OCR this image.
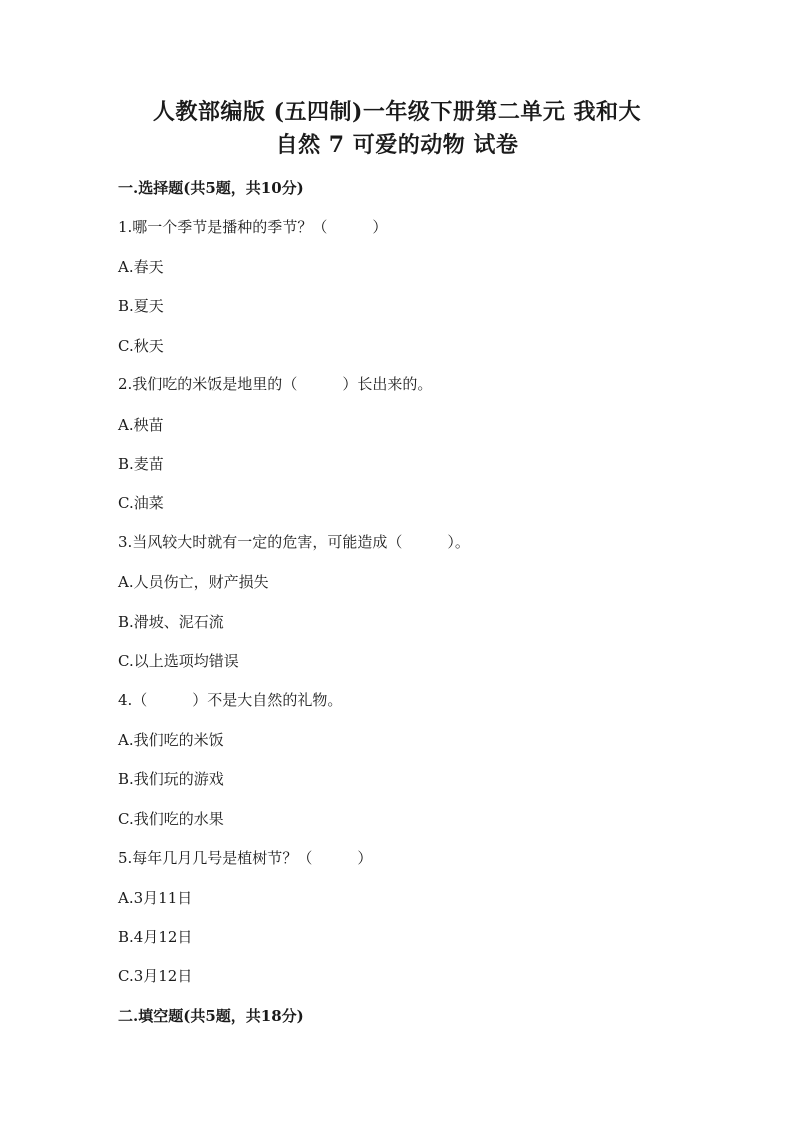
人教部编版 (五四制)一年级下册第二单元 我和大
自然 7 可爱的动物 试卷
一.选择题(共5题，共10分)
1.哪一个季节是播种的季节？（　　　）
A.春天
B.夏天
C.秋天
2.我们吃的米饭是地里的（　　　）长出来的。
A.秧苗
B.麦苗
C.油菜
3.当风较大时就有一定的危害，可能造成（　　　）。
A.人员伤亡，财产损失
B.滑坡、泥石流
C.以上选项均错误
4.（　　　）不是大自然的礼物。
A.我们吃的米饭
B.我们玩的游戏
C.我们吃的水果
5.每年几月几号是植树节？（　　　）
A.3月11日
B.4月12日
C.3月12日
二.填空题(共5题，共18分)
